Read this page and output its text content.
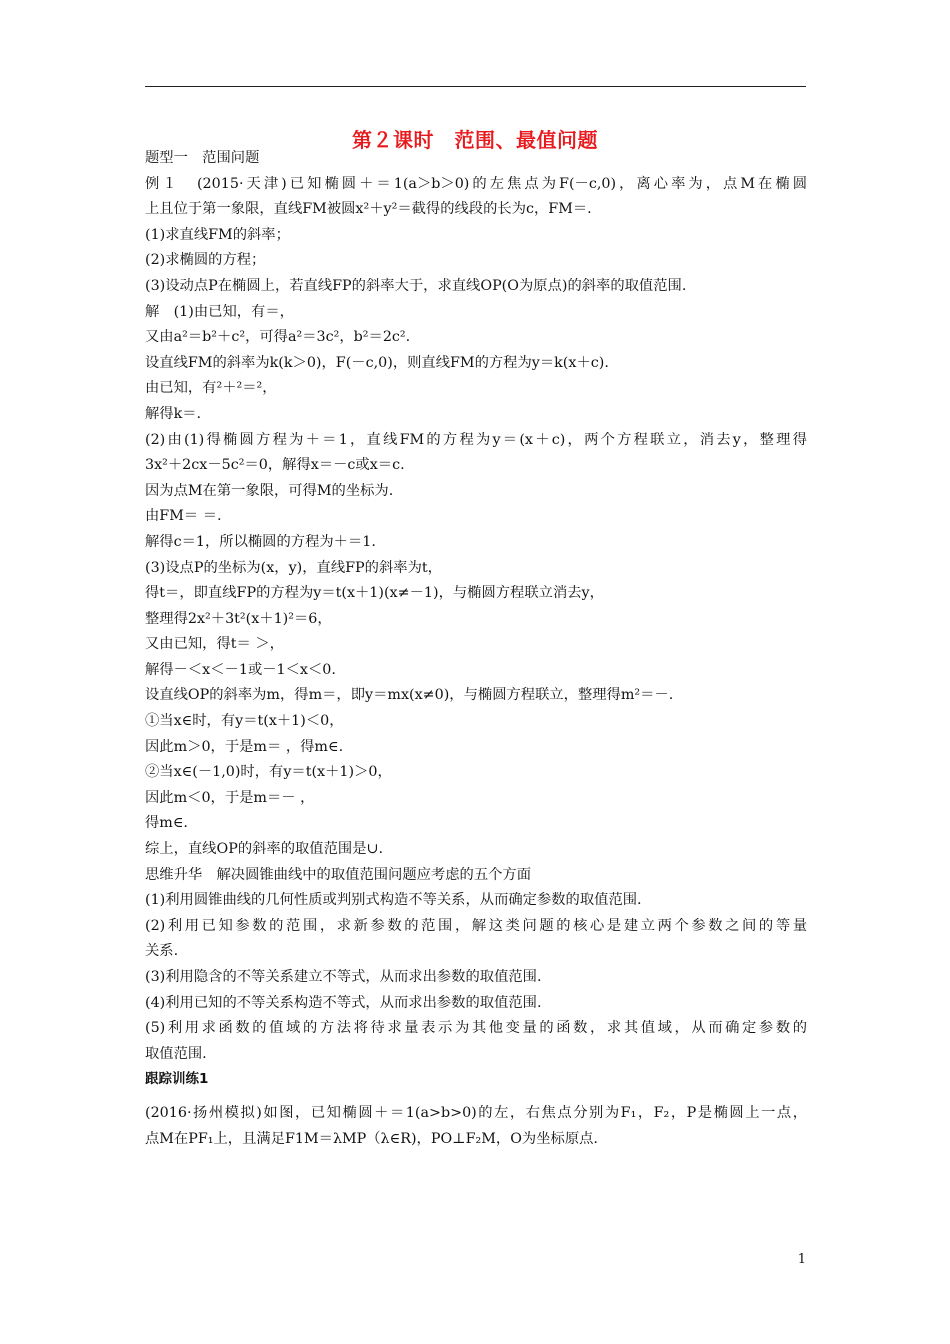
第２课时　范围、最值问题
题型一　范围问题
例１　(2015·天津)已知椭圆＋＝1(a＞b＞0)的左焦点为F(－c,0)，离心率为，点M在椭圆
上且位于第一象限，直线FM被圆x²＋y²＝截得的线段的长为c，FM＝.
(1)求直线FM的斜率；
(2)求椭圆的方程；
(3)设动点P在椭圆上，若直线FP的斜率大于，求直线OP(O为原点)的斜率的取值范围.
解　(1)由已知，有＝，
又由a²＝b²＋c²，可得a²＝3c²，b²＝2c².
设直线FM的斜率为k(k＞0)，F(－c,0)，则直线FM的方程为y＝k(x＋c).
由已知，有²＋²＝²，
解得k＝.
(2)由(1)得椭圆方程为＋＝1，直线FM的方程为y＝(x＋c)，两个方程联立，消去y，整理得
3x²＋2cx－5c²＝0，解得x＝－c或x＝c.
因为点M在第一象限，可得M的坐标为.
由FM＝ ＝.
解得c＝1，所以椭圆的方程为＋＝1.
(3)设点P的坐标为(x，y)，直线FP的斜率为t，
得t＝，即直线FP的方程为y＝t(x＋1)(x≠－1)，与椭圆方程联立消去y，
整理得2x²＋3t²(x＋1)²＝6，
又由已知，得t＝ ＞，
解得－＜x＜－1或－1＜x＜0.
设直线OP的斜率为m，得m＝，即y＝mx(x≠0)，与椭圆方程联立，整理得m²＝－.
①当x∈时，有y＝t(x＋1)＜0，
因此m＞0，于是m＝ ，得m∈.
②当x∈(－1,0)时，有y＝t(x＋1)＞0，
因此m＜0，于是m＝－ ，
得m∈.
综上，直线OP的斜率的取值范围是∪.
思维升华　解决圆锥曲线中的取值范围问题应考虑的五个方面
(1)利用圆锥曲线的几何性质或判别式构造不等关系，从而确定参数的取值范围.
(2)利用已知参数的范围，求新参数的范围，解这类问题的核心是建立两个参数之间的等量
关系.
(3)利用隐含的不等关系建立不等式，从而求出参数的取值范围.
(4)利用已知的不等关系构造不等式，从而求出参数的取值范围.
(5)利用求函数的值域的方法将待求量表示为其他变量的函数，求其值域，从而确定参数的
取值范围.
跟踪训练1
(2016·扬州模拟)如图，已知椭圆＋＝1(a>b>0)的左，右焦点分别为F₁，F₂，P是椭圆上一点，
点M在PF₁上，且满足F1M＝λMP（λ∈R)，PO⊥F₂M，O为坐标原点.
1
